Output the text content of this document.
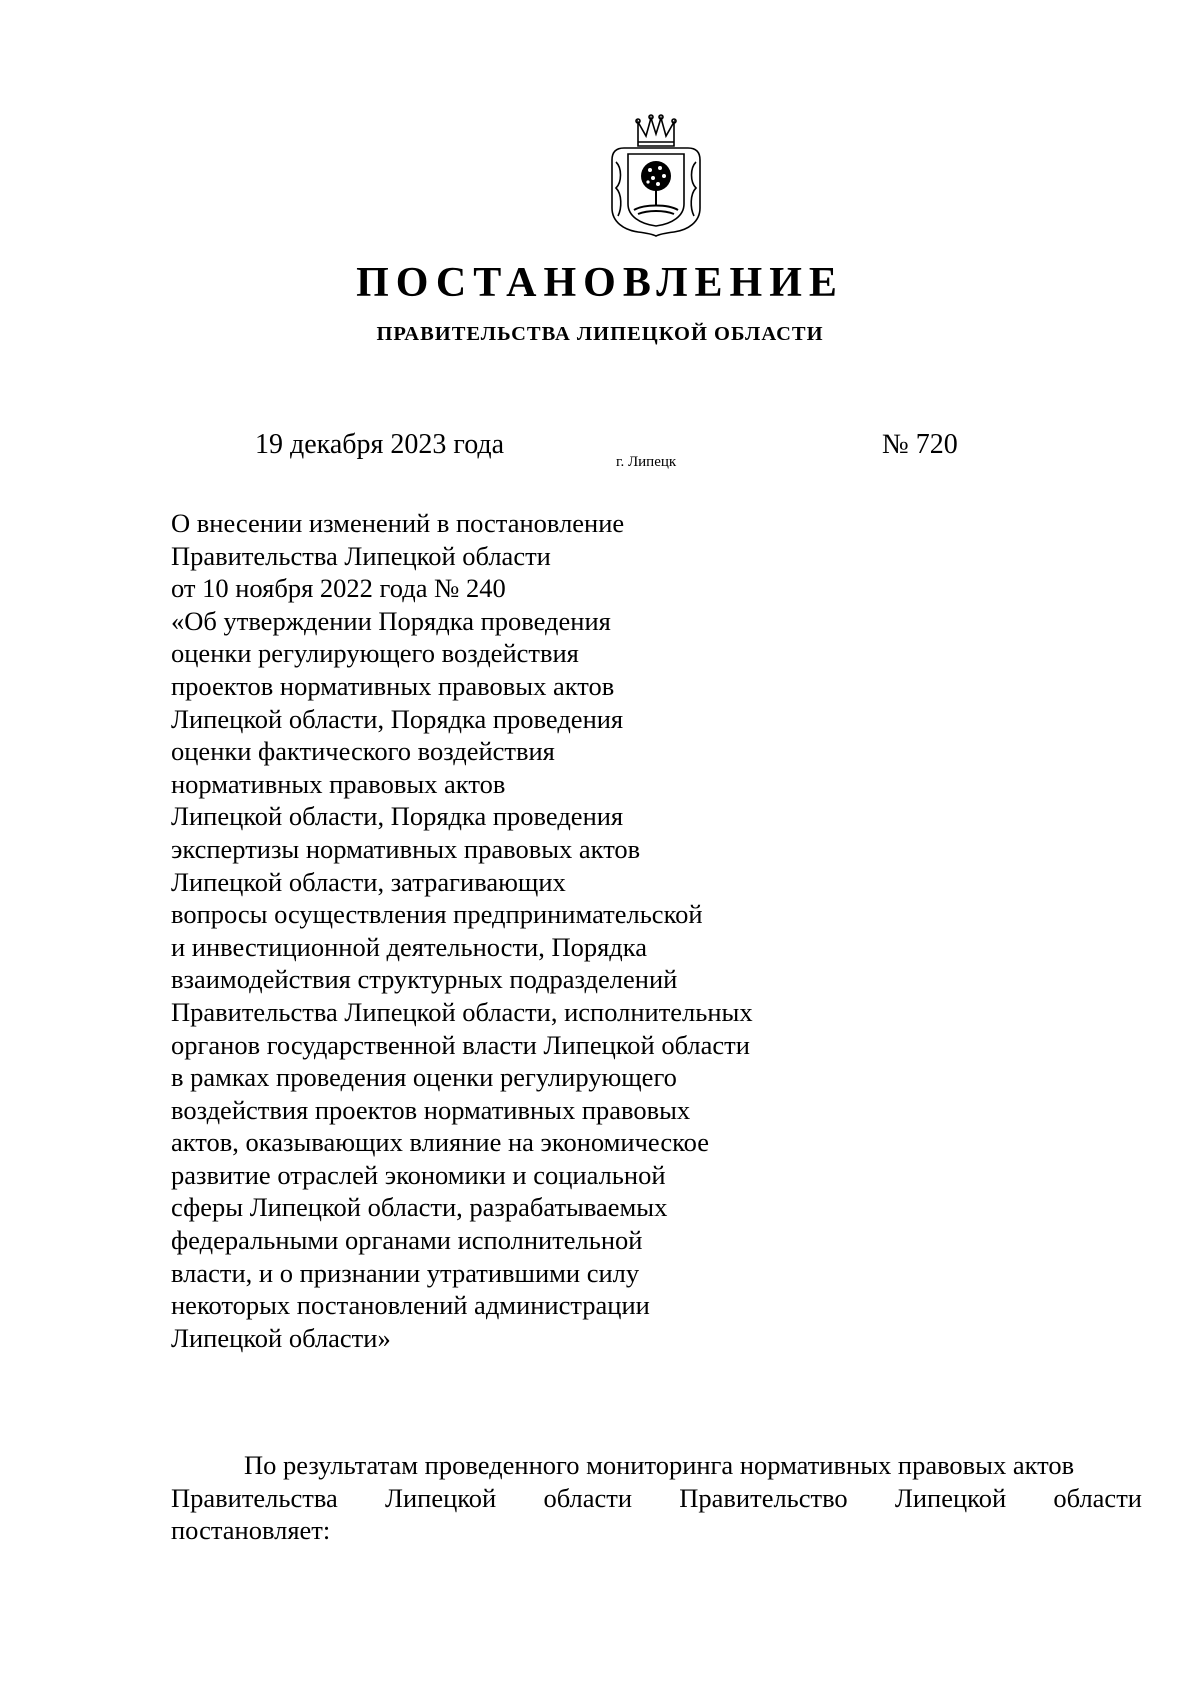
ПОСТАНОВЛЕНИЕ
ПРАВИТЕЛЬСТВА ЛИПЕЦКОЙ ОБЛАСТИ
19 декабря 2023 года
г. Липецк
№ 720
О внесении изменений в постановление
Правительства Липецкой области
от 10 ноября 2022 года № 240
«Об утверждении Порядка проведения
оценки регулирующего воздействия
проектов нормативных правовых актов
Липецкой области, Порядка проведения
оценки фактического воздействия
нормативных правовых актов
Липецкой области, Порядка проведения
экспертизы нормативных правовых актов
Липецкой области, затрагивающих
вопросы осуществления предпринимательской
и инвестиционной деятельности, Порядка
взаимодействия структурных подразделений
Правительства Липецкой области, исполнительных
органов государственной власти Липецкой области
в рамках проведения оценки регулирующего
воздействия проектов нормативных правовых
актов, оказывающих влияние на экономическое
развитие отраслей экономики и социальной
сферы Липецкой области, разрабатываемых
федеральными органами исполнительной
власти, и о признании утратившими силу
некоторых постановлений администрации
Липецкой области»
По результатам проведенного мониторинга нормативных правовых актов
Правительства Липецкой области Правительство Липецкой области
постановляет:
